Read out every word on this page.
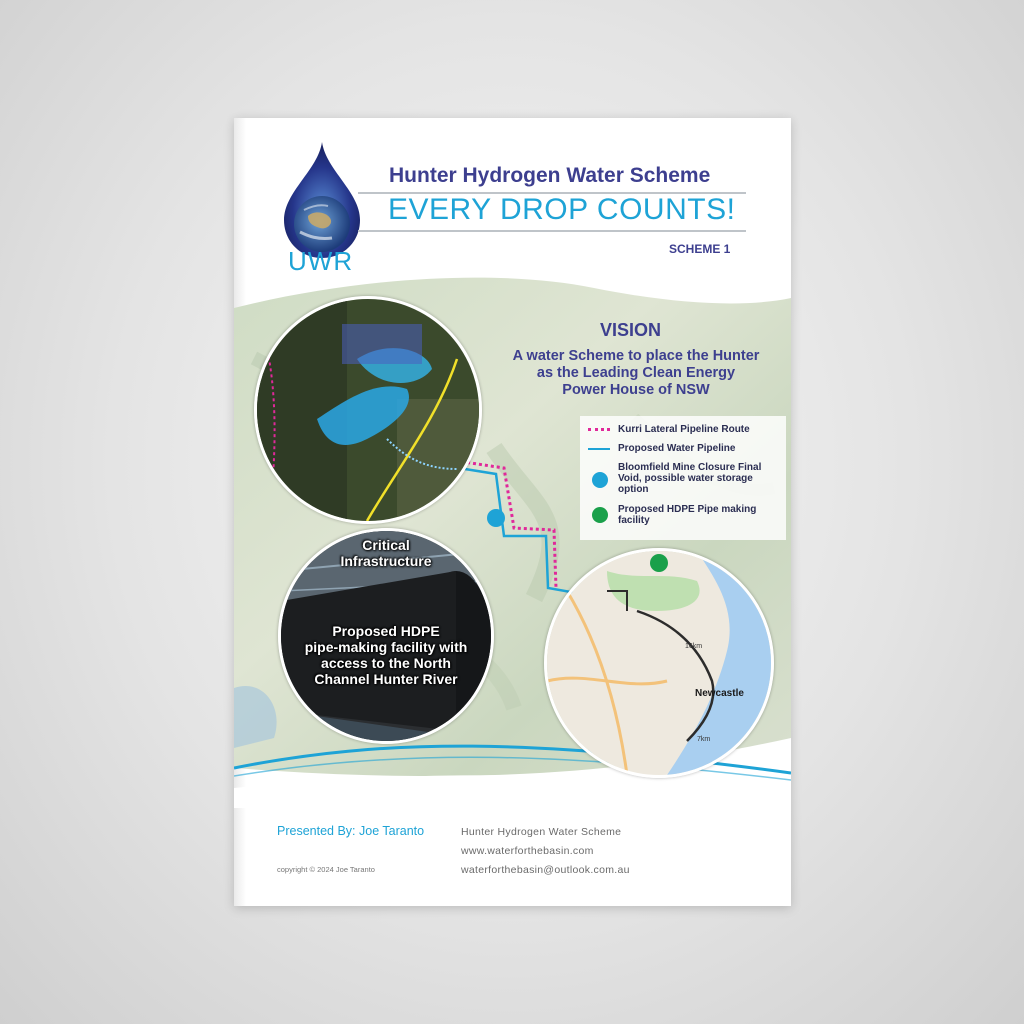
UWR
Hunter Hydrogen Water Scheme
EVERY DROP COUNTS!
SCHEME 1
VISION
A water Scheme to place the Hunter
as the Leading Clean Energy
Power House of NSW
Kurri Lateral Pipeline Route
Proposed Water Pipeline
Bloomfield Mine Closure Final Void, possible water storage option
Proposed HDPE Pipe making facility
Critical
Infrastructure
Proposed HDPE
pipe-making facility with
access to the North
Channel Hunter River
Newcastle
16km
7km
Presented By: Joe Taranto
copyright © 2024 Joe Taranto
Hunter Hydrogen Water Scheme
www.waterforthebasin.com
waterforthebasin@outlook.com.au
